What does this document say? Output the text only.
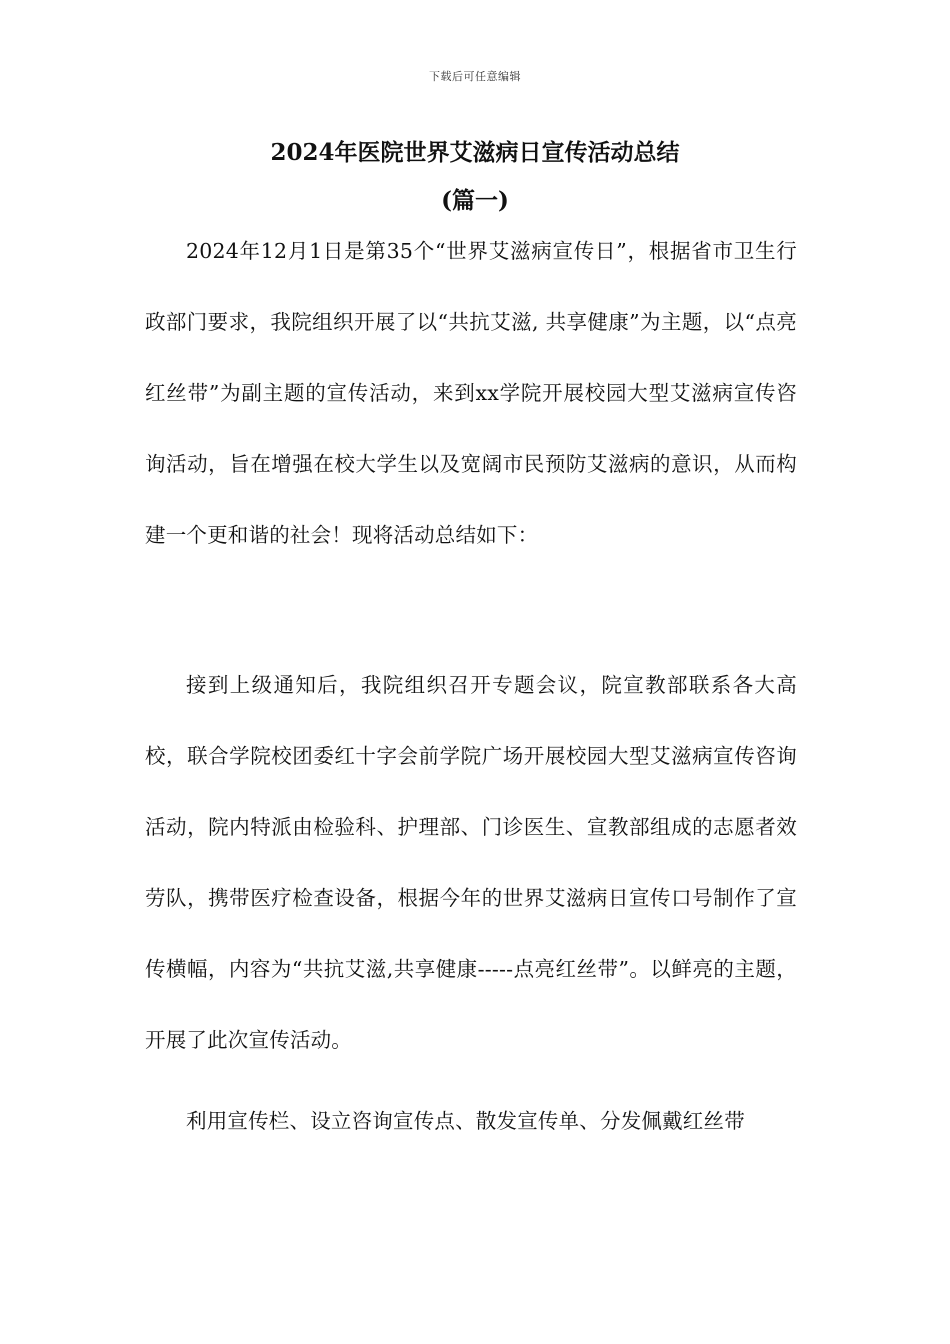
下载后可任意编辑
2024年医院世界艾滋病日宣传活动总结
(篇一)

2024年12月1日是第35个“世界艾滋病宣传日”，根据省市卫生行政部门要求，我院组织开展了以“共抗艾滋, 共享健康”为主题，以“点亮红丝带”为副主题的宣传活动，来到xx学院开展校园大型艾滋病宣传咨询活动，旨在增强在校大学生以及宽阔市民预防艾滋病的意识，从而构建一个更和谐的社会！现将活动总结如下：

接到上级通知后，我院组织召开专题会议，院宣教部联系各大高校，联合学院校团委红十字会前学院广场开展校园大型艾滋病宣传咨询活动，院内特派由检验科、护理部、门诊医生、宣教部组成的志愿者效劳队，携带医疗检查设备，根据今年的世界艾滋病日宣传口号制作了宣传横幅，内容为“共抗艾滋,共享健康-----点亮红丝带”。以鲜亮的主题，开展了此次宣传活动。

利用宣传栏、设立咨询宣传点、散发宣传单、分发佩戴红丝带
